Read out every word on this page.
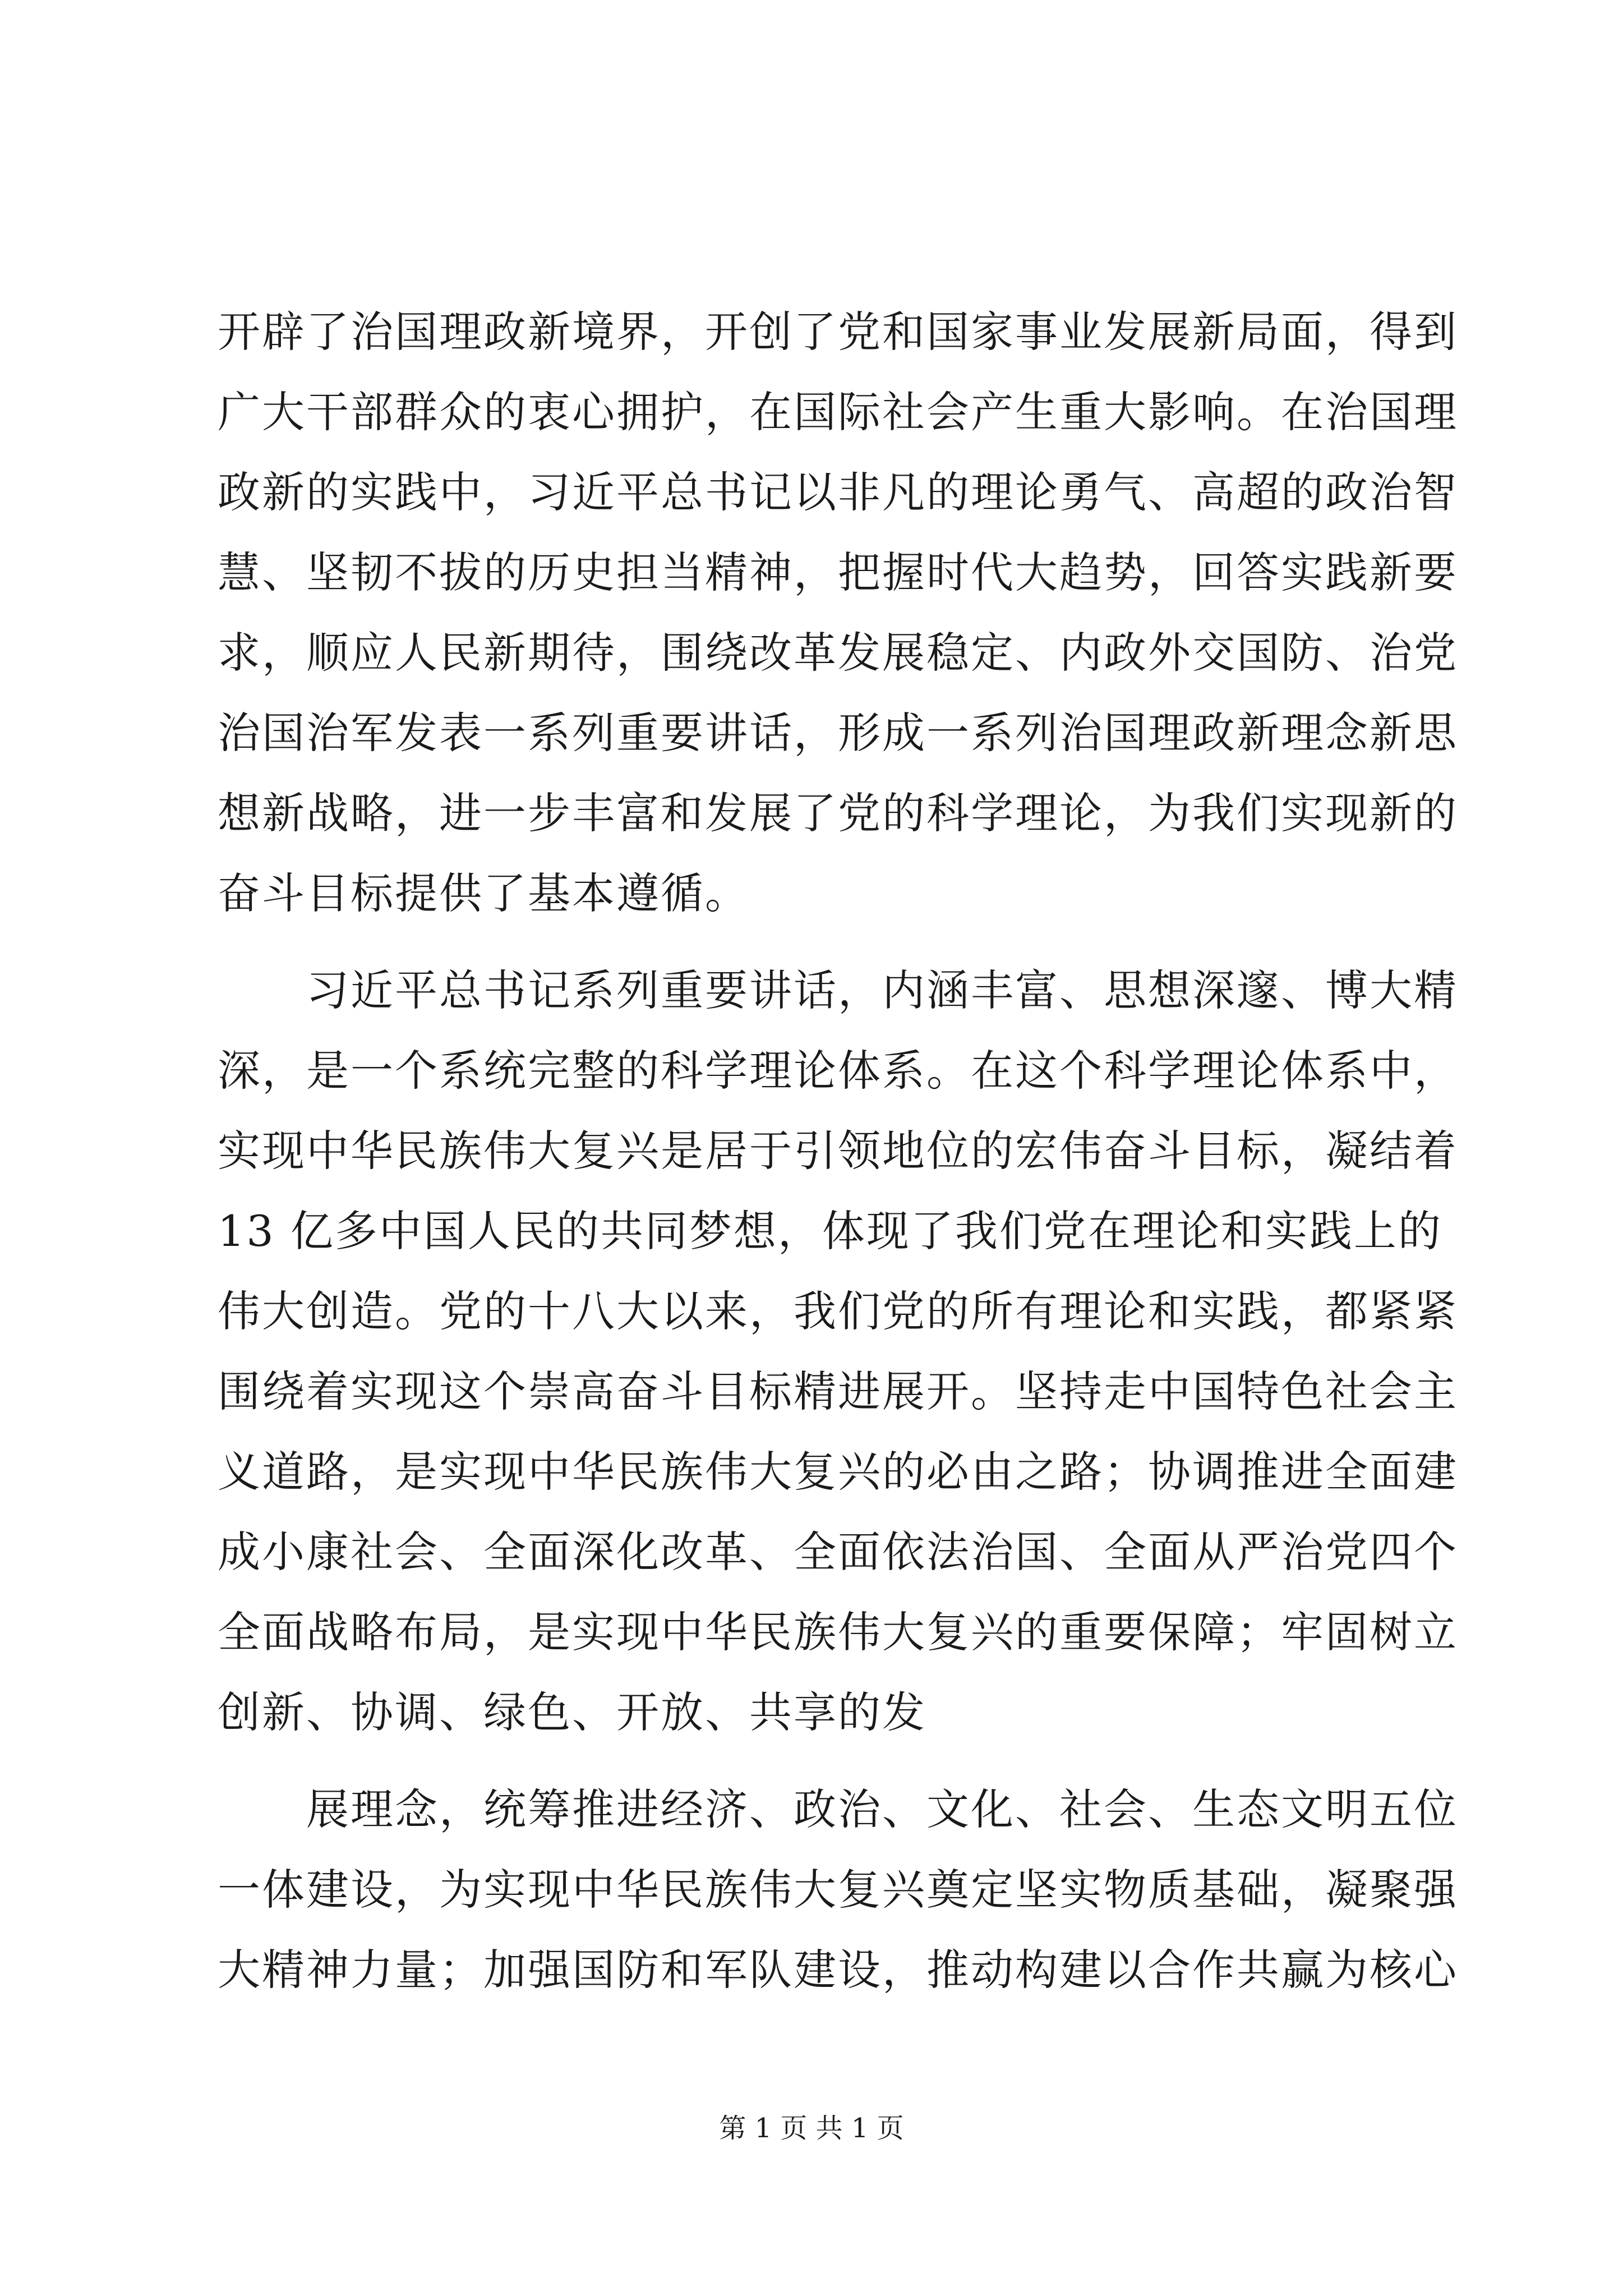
开辟了治国理政新境界，开创了党和国家事业发展新局面，得到
广大干部群众的衷心拥护，在国际社会产生重大影响。在治国理
政新的实践中，习近平总书记以非凡的理论勇气、高超的政治智
慧、坚韧不拔的历史担当精神，把握时代大趋势，回答实践新要
求，顺应人民新期待，围绕改革发展稳定、内政外交国防、治党
治国治军发表一系列重要讲话，形成一系列治国理政新理念新思
想新战略，进一步丰富和发展了党的科学理论，为我们实现新的
奋斗目标提供了基本遵循。
习近平总书记系列重要讲话，内涵丰富、思想深邃、博大精
深，是一个系统完整的科学理论体系。在这个科学理论体系中，
实现中华民族伟大复兴是居于引领地位的宏伟奋斗目标，凝结着
13 亿多中国人民的共同梦想，体现了我们党在理论和实践上的
伟大创造。党的十八大以来，我们党的所有理论和实践，都紧紧
围绕着实现这个崇高奋斗目标精进展开。坚持走中国特色社会主
义道路，是实现中华民族伟大复兴的必由之路；协调推进全面建
成小康社会、全面深化改革、全面依法治国、全面从严治党四个
全面战略布局，是实现中华民族伟大复兴的重要保障；牢固树立
创新、协调、绿色、开放、共享的发
展理念，统筹推进经济、政治、文化、社会、生态文明五位
一体建设，为实现中华民族伟大复兴奠定坚实物质基础，凝聚强
大精神力量；加强国防和军队建设，推动构建以合作共赢为核心
第 1 页 共 1 页
